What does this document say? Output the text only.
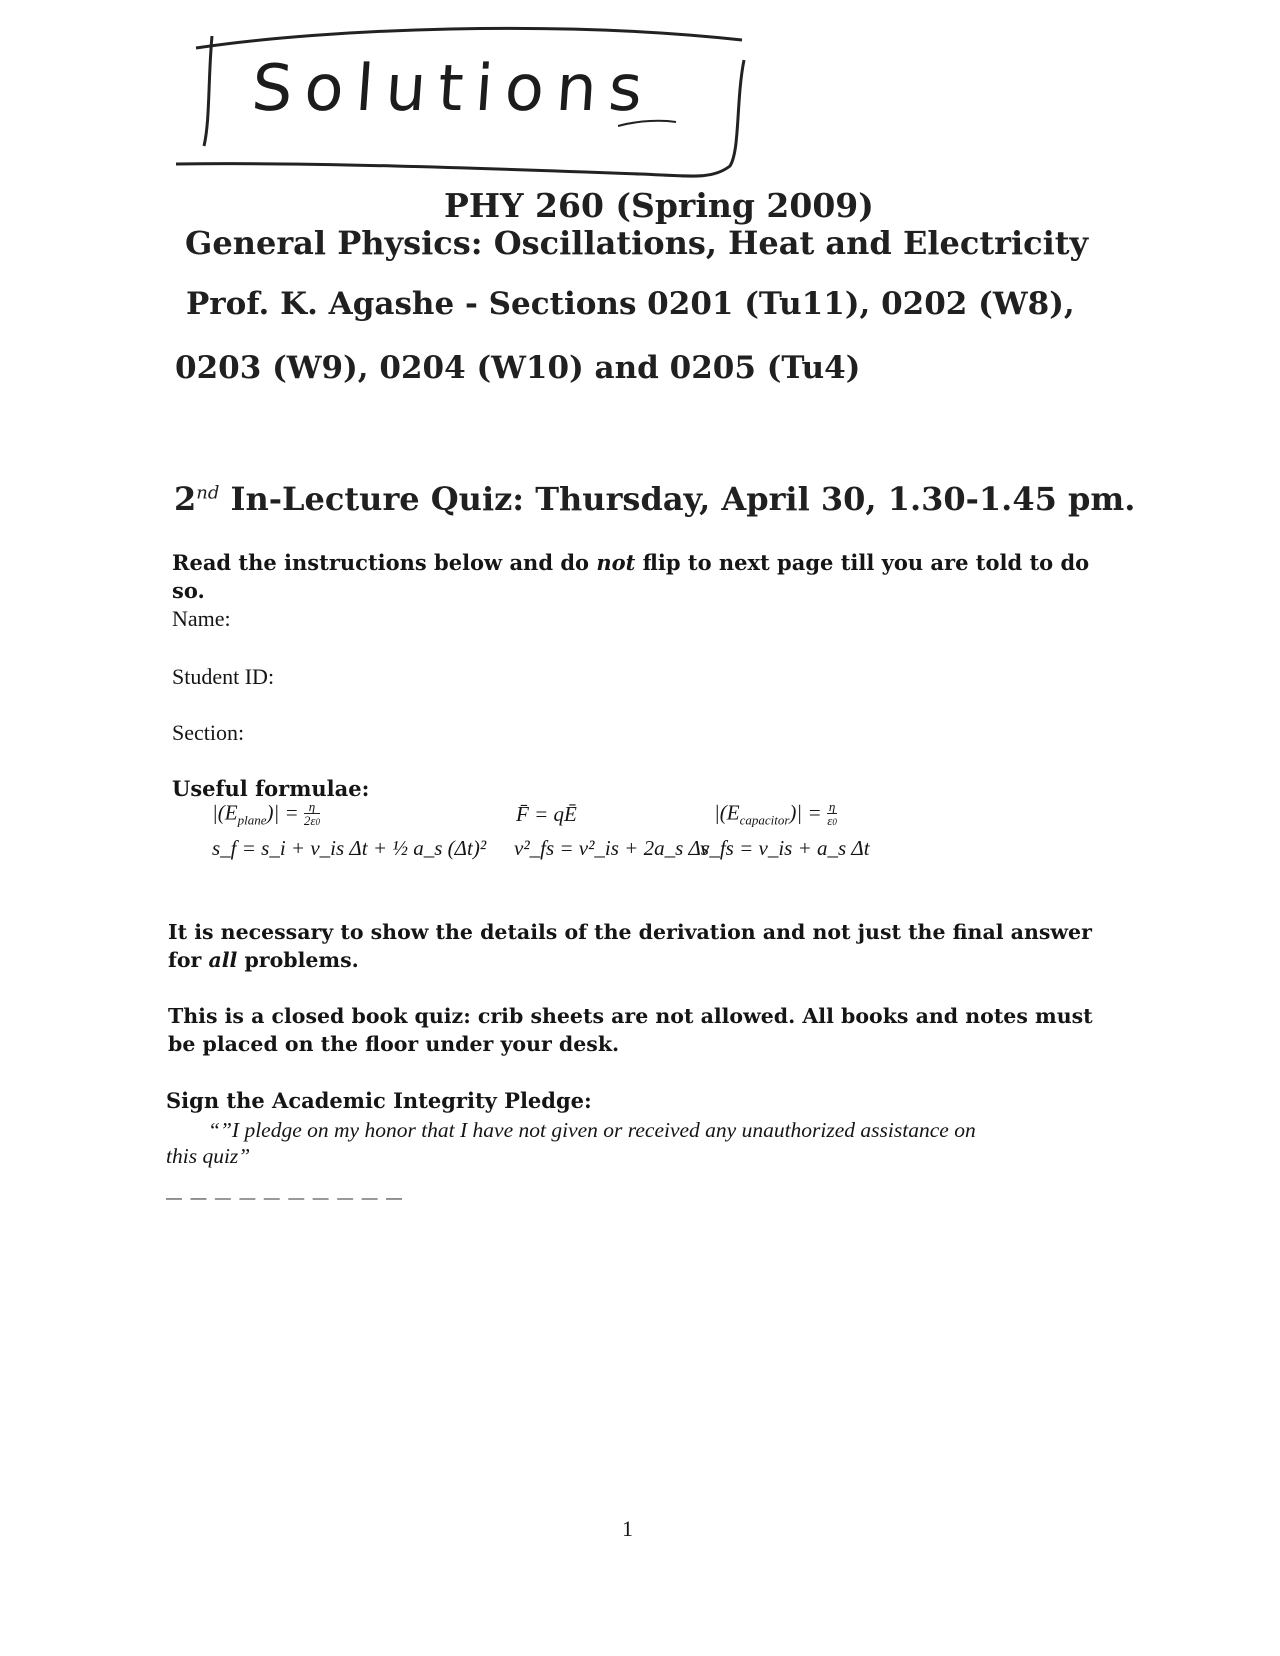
Solutions
PHY 260 (Spring 2009)
General Physics: Oscillations, Heat and Electricity
Prof. K. Agashe - Sections 0201 (Tu11), 0202 (W8),
0203 (W9), 0204 (W10) and 0205 (Tu4)
2nd In-Lecture Quiz: Thursday, April 30, 1.30-1.45 pm.
Read the instructions below and do not flip to next page till you are told to do
so.
Name:
Student ID:
Section:
Useful formulae:
$|(E_{plane})| = \frac{\eta}{2\varepsilon 0}$	F̄ = qĒ	$|(E_{capacitor})| = \frac{\eta}{\varepsilon 0}$
s_f = s_i + v_is Δt + ½ a_s (Δt)² v²_fs = v²_is + 2a_s Δs
v_fs = v_is + a_s Δt
It is necessary to show the details of the derivation and not just the final answer
for all problems.
This is a closed book quiz: crib sheets are not allowed. All books and notes must
be placed on the floor under your desk.
Sign the Academic Integrity Pledge:
“”I pledge on my honor that I have not given or received any unauthorized assistance on
this quiz”
— — — — — — — — — —
1
